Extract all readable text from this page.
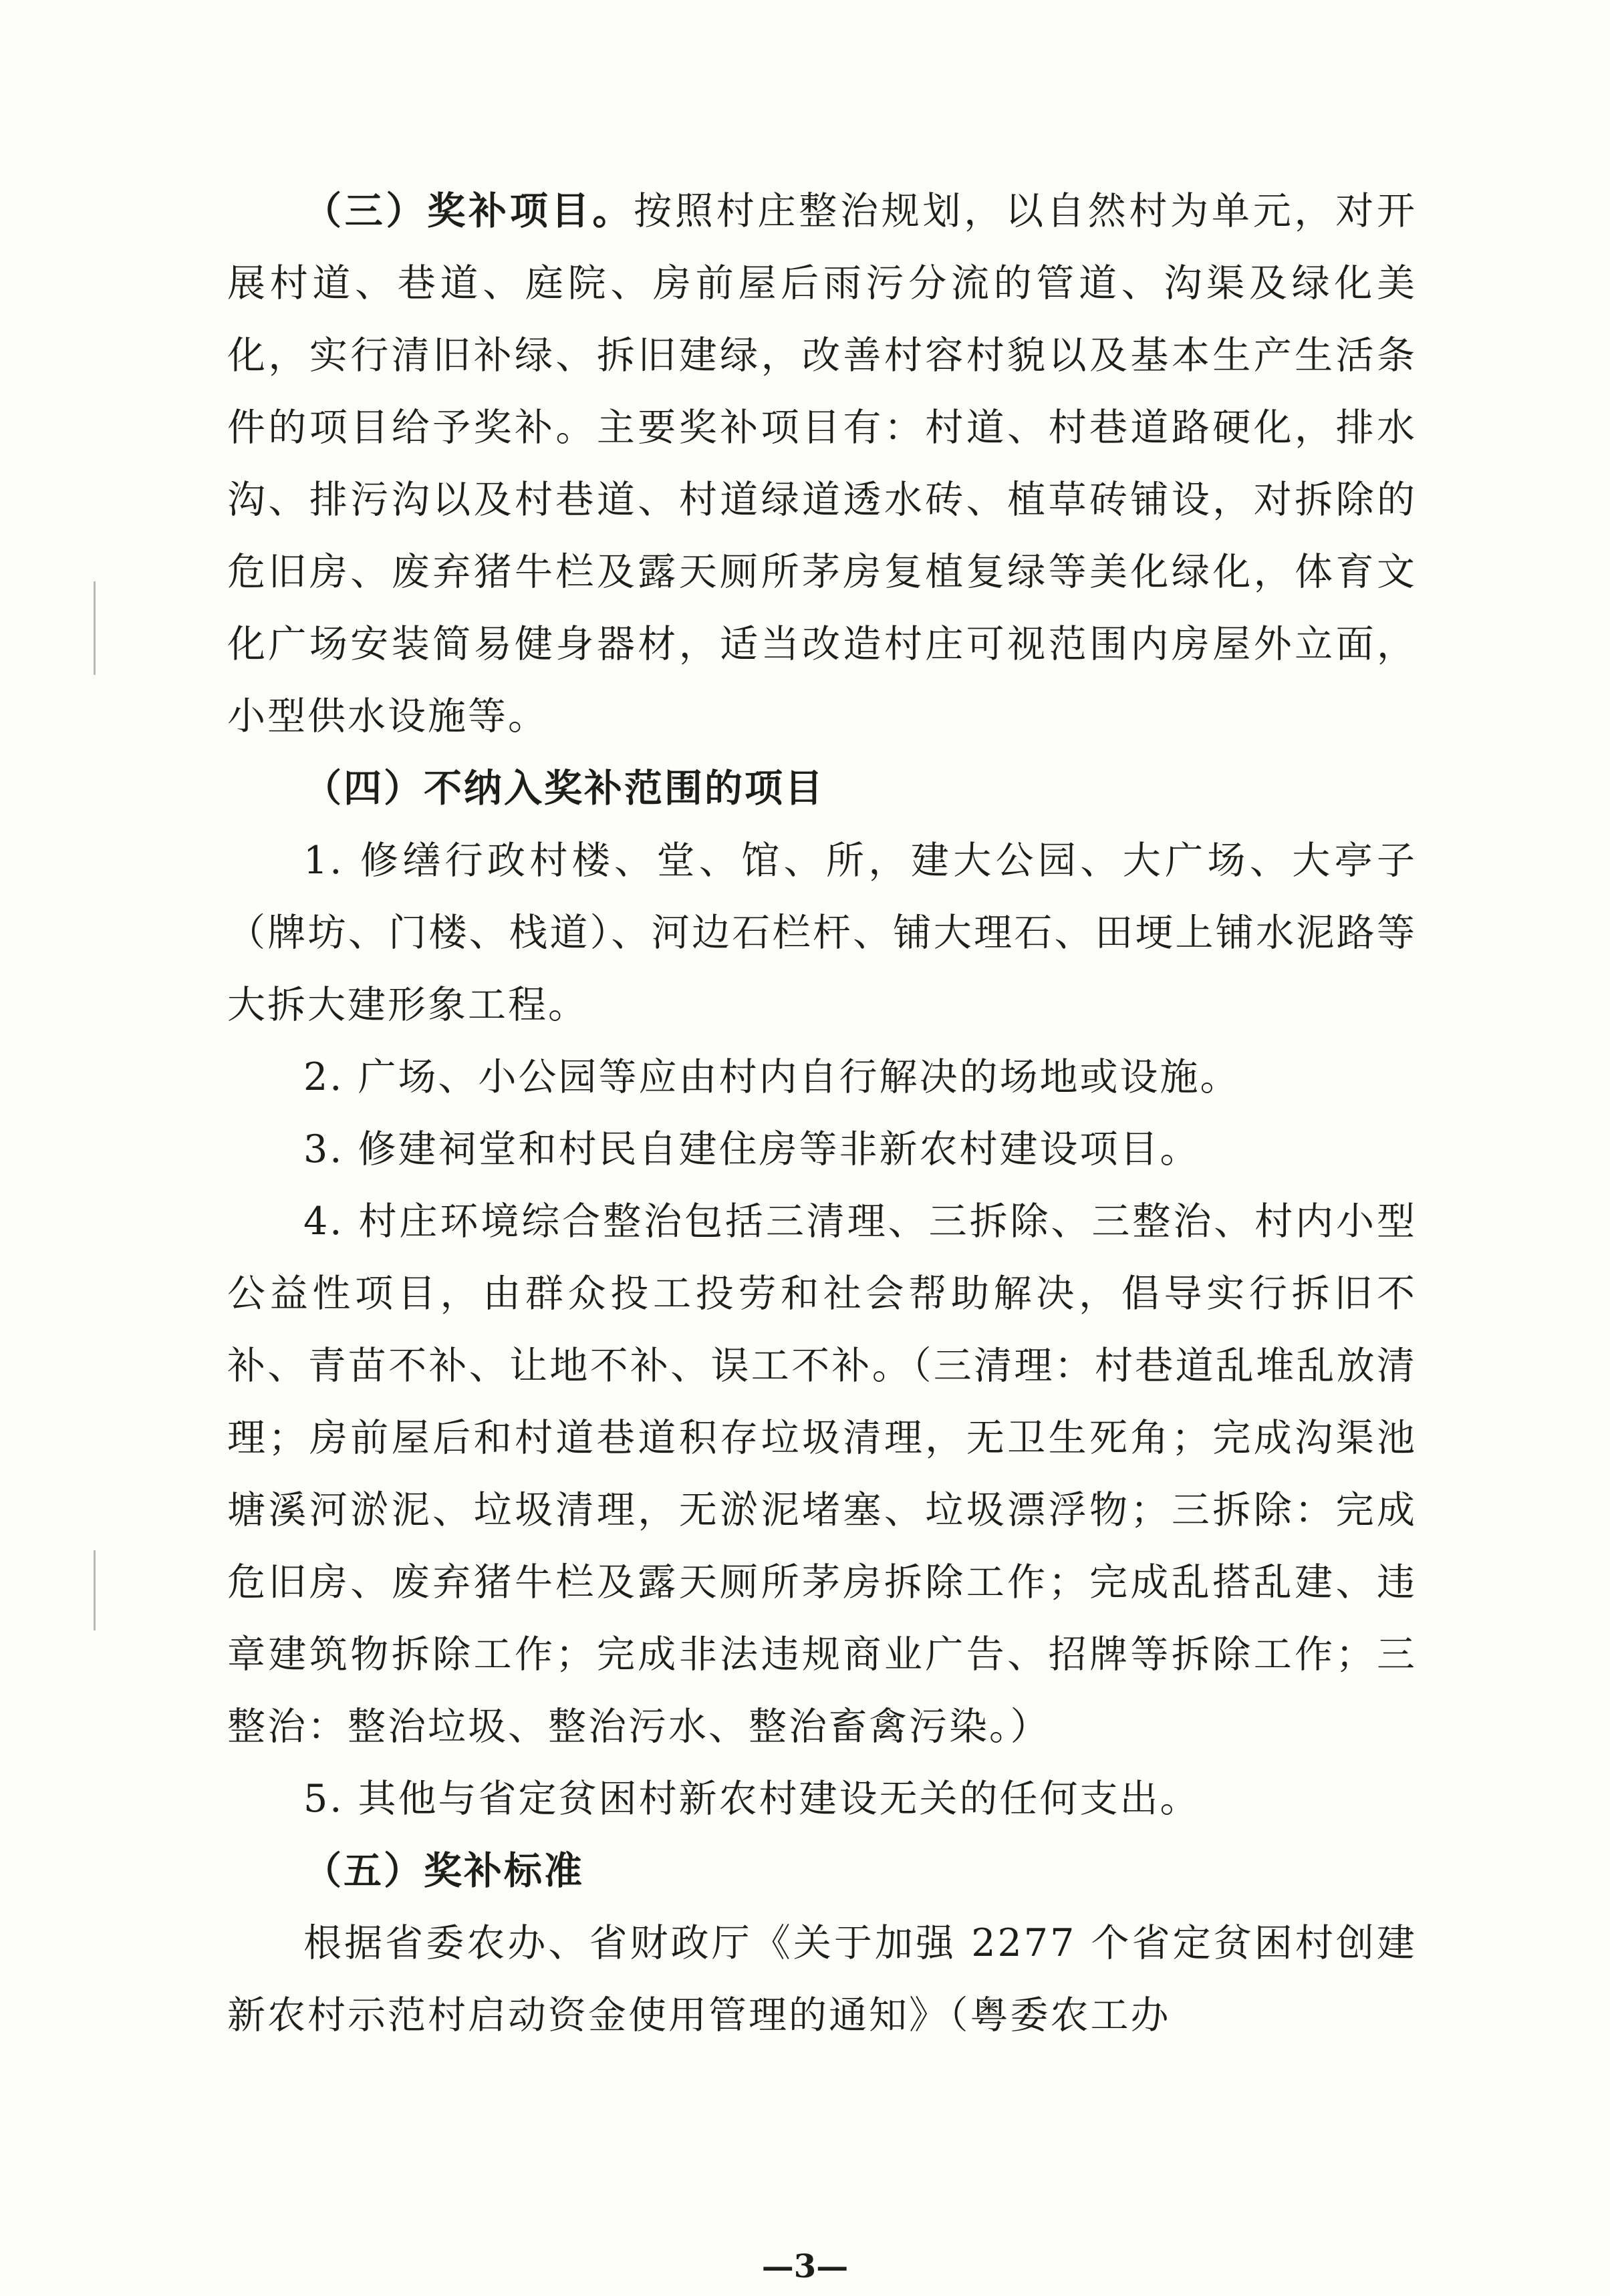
（三）奖补项目。按照村庄整治规划，以自然村为单元，对开展村道、巷道、庭院、房前屋后雨污分流的管道、沟渠及绿化美化，实行清旧补绿、拆旧建绿，改善村容村貌以及基本生产生活条件的项目给予奖补。主要奖补项目有：村道、村巷道路硬化，排水沟、排污沟以及村巷道、村道绿道透水砖、植草砖铺设，对拆除的危旧房、废弃猪牛栏及露天厕所茅房复植复绿等美化绿化，体育文化广场安装简易健身器材，适当改造村庄可视范围内房屋外立面，小型供水设施等。

（四）不纳入奖补范围的项目

1. 修缮行政村楼、堂、馆、所，建大公园、大广场、大亭子（牌坊、门楼、栈道）、河边石栏杆、铺大理石、田埂上铺水泥路等大拆大建形象工程。

2. 广场、小公园等应由村内自行解决的场地或设施。

3. 修建祠堂和村民自建住房等非新农村建设项目。

4. 村庄环境综合整治包括三清理、三拆除、三整治、村内小型公益性项目，由群众投工投劳和社会帮助解决，倡导实行拆旧不补、青苗不补、让地不补、误工不补。（三清理：村巷道乱堆乱放清理；房前屋后和村道巷道积存垃圾清理，无卫生死角；完成沟渠池塘溪河淤泥、垃圾清理，无淤泥堵塞、垃圾漂浮物；三拆除：完成危旧房、废弃猪牛栏及露天厕所茅房拆除工作；完成乱搭乱建、违章建筑物拆除工作；完成非法违规商业广告、招牌等拆除工作；三整治：整治垃圾、整治污水、整治畜禽污染。）

5. 其他与省定贫困村新农村建设无关的任何支出。

（五）奖补标准

根据省委农办、省财政厅《关于加强 2277 个省定贫困村创建新农村示范村启动资金使用管理的通知》（粤委农工办

—3—
